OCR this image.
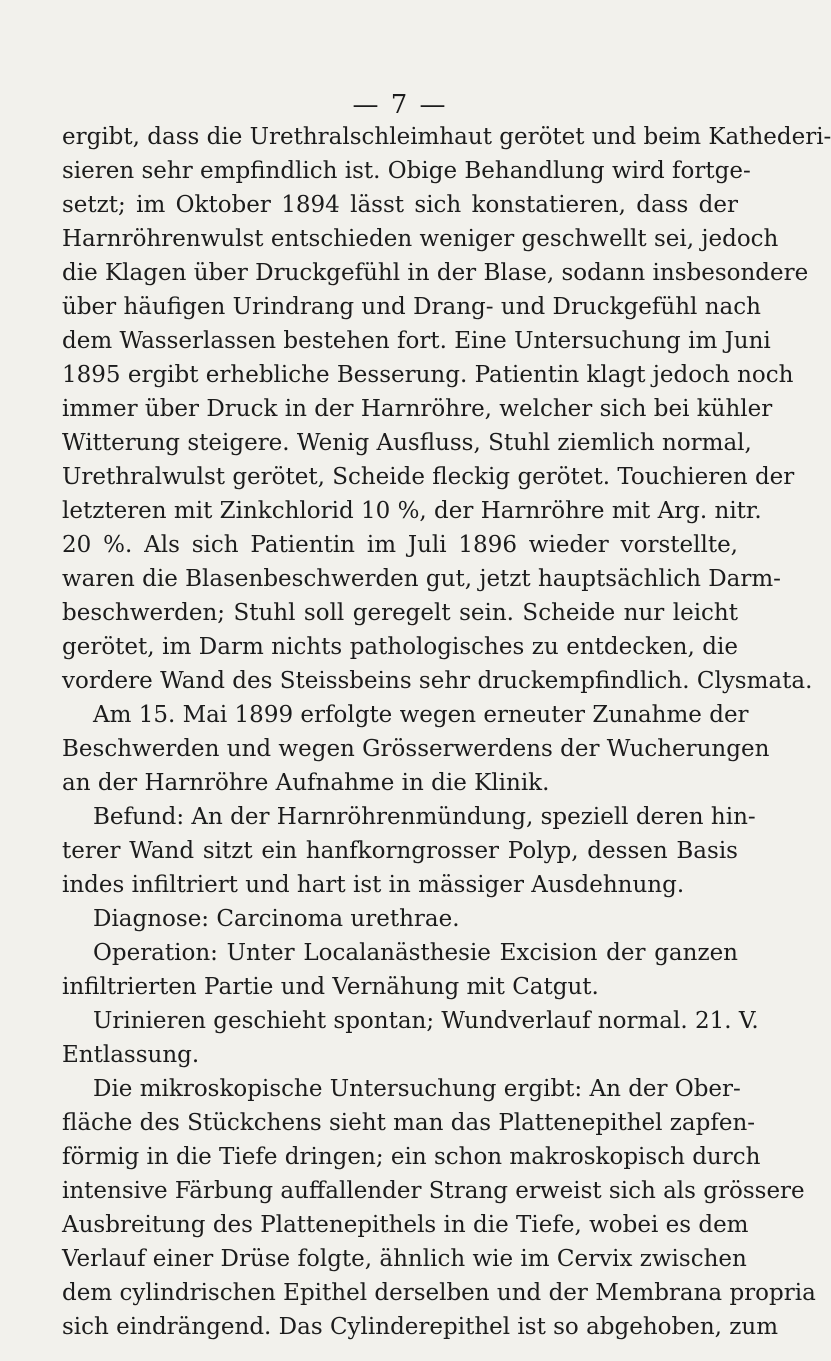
— 7 —
ergibt, dass die Urethralschleimhaut gerötet und beim Kathederi-
sieren sehr empfindlich ist. Obige Behandlung wird fortge-
setzt; im Oktober 1894 lässt sich konstatieren, dass der
Harnröhrenwulst entschieden weniger geschwellt sei, jedoch
die Klagen über Druckgefühl in der Blase, sodann insbesondere
über häufigen Urindrang und Drang- und Druckgefühl nach
dem Wasserlassen bestehen fort. Eine Untersuchung im Juni
1895 ergibt erhebliche Besserung. Patientin klagt jedoch noch
immer über Druck in der Harnröhre, welcher sich bei kühler
Witterung steigere. Wenig Ausfluss, Stuhl ziemlich normal,
Urethralwulst gerötet, Scheide fleckig gerötet. Touchieren der
letzteren mit Zinkchlorid 10 %, der Harnröhre mit Arg. nitr.
20 %. Als sich Patientin im Juli 1896 wieder vorstellte,
waren die Blasenbeschwerden gut, jetzt hauptsächlich Darm-
beschwerden; Stuhl soll geregelt sein. Scheide nur leicht
gerötet, im Darm nichts pathologisches zu entdecken, die
vordere Wand des Steissbeins sehr druckempfindlich. Clysmata.
Am 15. Mai 1899 erfolgte wegen erneuter Zunahme der
Beschwerden und wegen Grösserwerdens der Wucherungen
an der Harnröhre Aufnahme in die Klinik.
Befund: An der Harnröhrenmündung, speziell deren hin-
terer Wand sitzt ein hanfkorngrosser Polyp, dessen Basis
indes infiltriert und hart ist in mässiger Ausdehnung.
Diagnose: Carcinoma urethrae.
Operation: Unter Localanästhesie Excision der ganzen
infiltrierten Partie und Vernähung mit Catgut.
Urinieren geschieht spontan; Wundverlauf normal. 21. V.
Entlassung.
Die mikroskopische Untersuchung ergibt: An der Ober-
fläche des Stückchens sieht man das Plattenepithel zapfen-
förmig in die Tiefe dringen; ein schon makroskopisch durch
intensive Färbung auffallender Strang erweist sich als grössere
Ausbreitung des Plattenepithels in die Tiefe, wobei es dem
Verlauf einer Drüse folgte, ähnlich wie im Cervix zwischen
dem cylindrischen Epithel derselben und der Membrana propria
sich eindrängend. Das Cylinderepithel ist so abgehoben, zum
